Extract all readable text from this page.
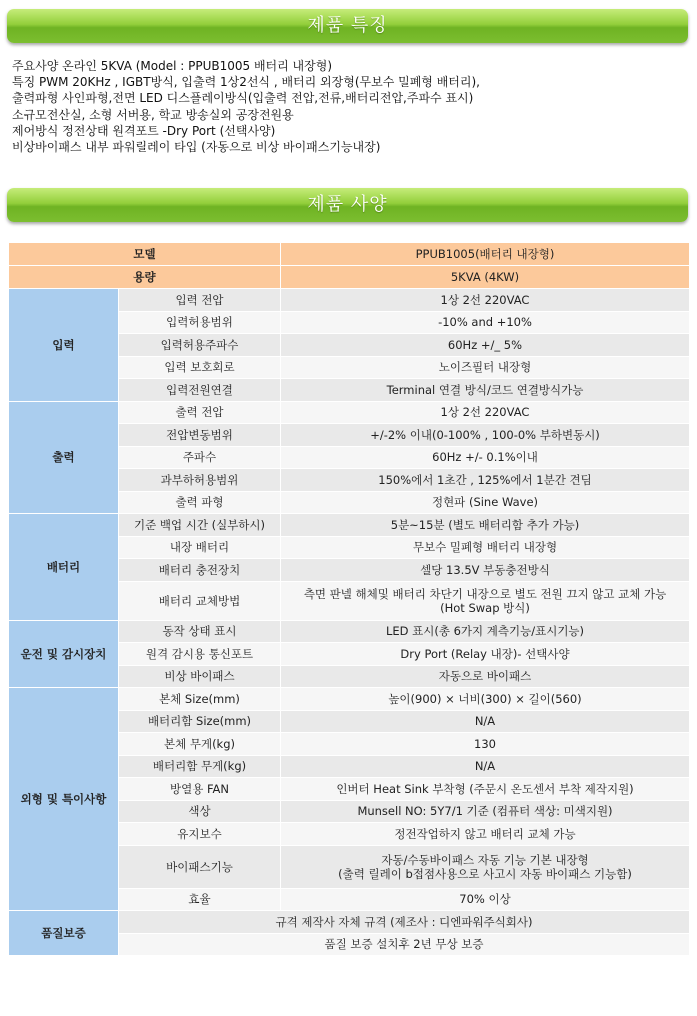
제품 특징
주요사양 온라인 5KVA (Model : PPUB1005 배터리 내장형)
특징 PWM 20KHz , IGBT방식, 입출력 1상2선식 , 배터리 외장형(무보수 밀폐형 배터리),
출력파형 사인파형,전면 LED 디스플레이방식(입출력 전압,전류,배터리전압,주파수 표시)
소규모전산실, 소형 서버용, 학교 방송실외 공장전원용
제어방식 정전상태 원격포트 -Dry Port (선택사양)
비상바이패스 내부 파워릴레이 타입 (자동으로 비상 바이패스기능내장)
제품 사양
모델		PPUB1005(배터리 내장형)
용량		5KVA (4KW)
입력	입력 전압	1상 2선 220VAC
	입력허용범위	-10% and +10%
	입력허용주파수	60Hz +/_ 5%
	입력 보호회로	노이즈필터 내장형
	입력전원연결	Terminal 연결 방식/코드 연결방식가능
출력	출력 전압	1상 2선 220VAC
	전압변동범위	+/-2% 이내(0-100% , 100-0% 부하변동시)
	주파수	60Hz +/- 0.1%이내
	과부하허용범위	150%에서 1초간 , 125%에서 1분간 견딤
	출력 파형	정현파 (Sine Wave)
배터리	기준 백업 시간 (실부하시)	5분~15분 (별도 배터리함 추가 가능)
	내장 배터리	무보수 밀폐형 배터리 내장형
	배터리 충전장치	셀당 13.5V 부동충전방식
	배터리 교체방법	측면 판넬 해체및 배터리 차단기 내장으로 별도 전원 끄지 않고 교체 가능
(Hot Swap 방식)

운전 및 감시장치	동작 상태 표시	LED 표시(총 6가지 계측기능/표시기능)
	원격 감시용 통신포트	Dry Port (Relay 내장)- 선택사양
	비상 바이패스	자동으로 바이패스
외형 및 특이사항	본체 Size(mm)	높이(900) × 너비(300) × 길이(560)
	배터리함 Size(mm)	N/A
	본체 무게(kg)	130
	배터리함 무게(kg)	N/A
	방열용 FAN	인버터 Heat Sink 부착형 (주문시 온도센서 부착 제작지원)
	색상	Munsell NO: 5Y7/1 기준 (컴퓨터 색상: 미색지원)
	유지보수	정전작업하지 않고 배터리 교체 가능
	바이패스기능	자동/수동바이패스 자동 기능 기본 내장형
(출력 릴레이 b접점사용으로 사고시 자동 바이패스 기능함)

	효율	70% 이상
품질보증	규격 제작사 자체 규격 (제조사 : 디엔파워주식회사)	
	품질 보증 설치후 2년 무상 보증	
